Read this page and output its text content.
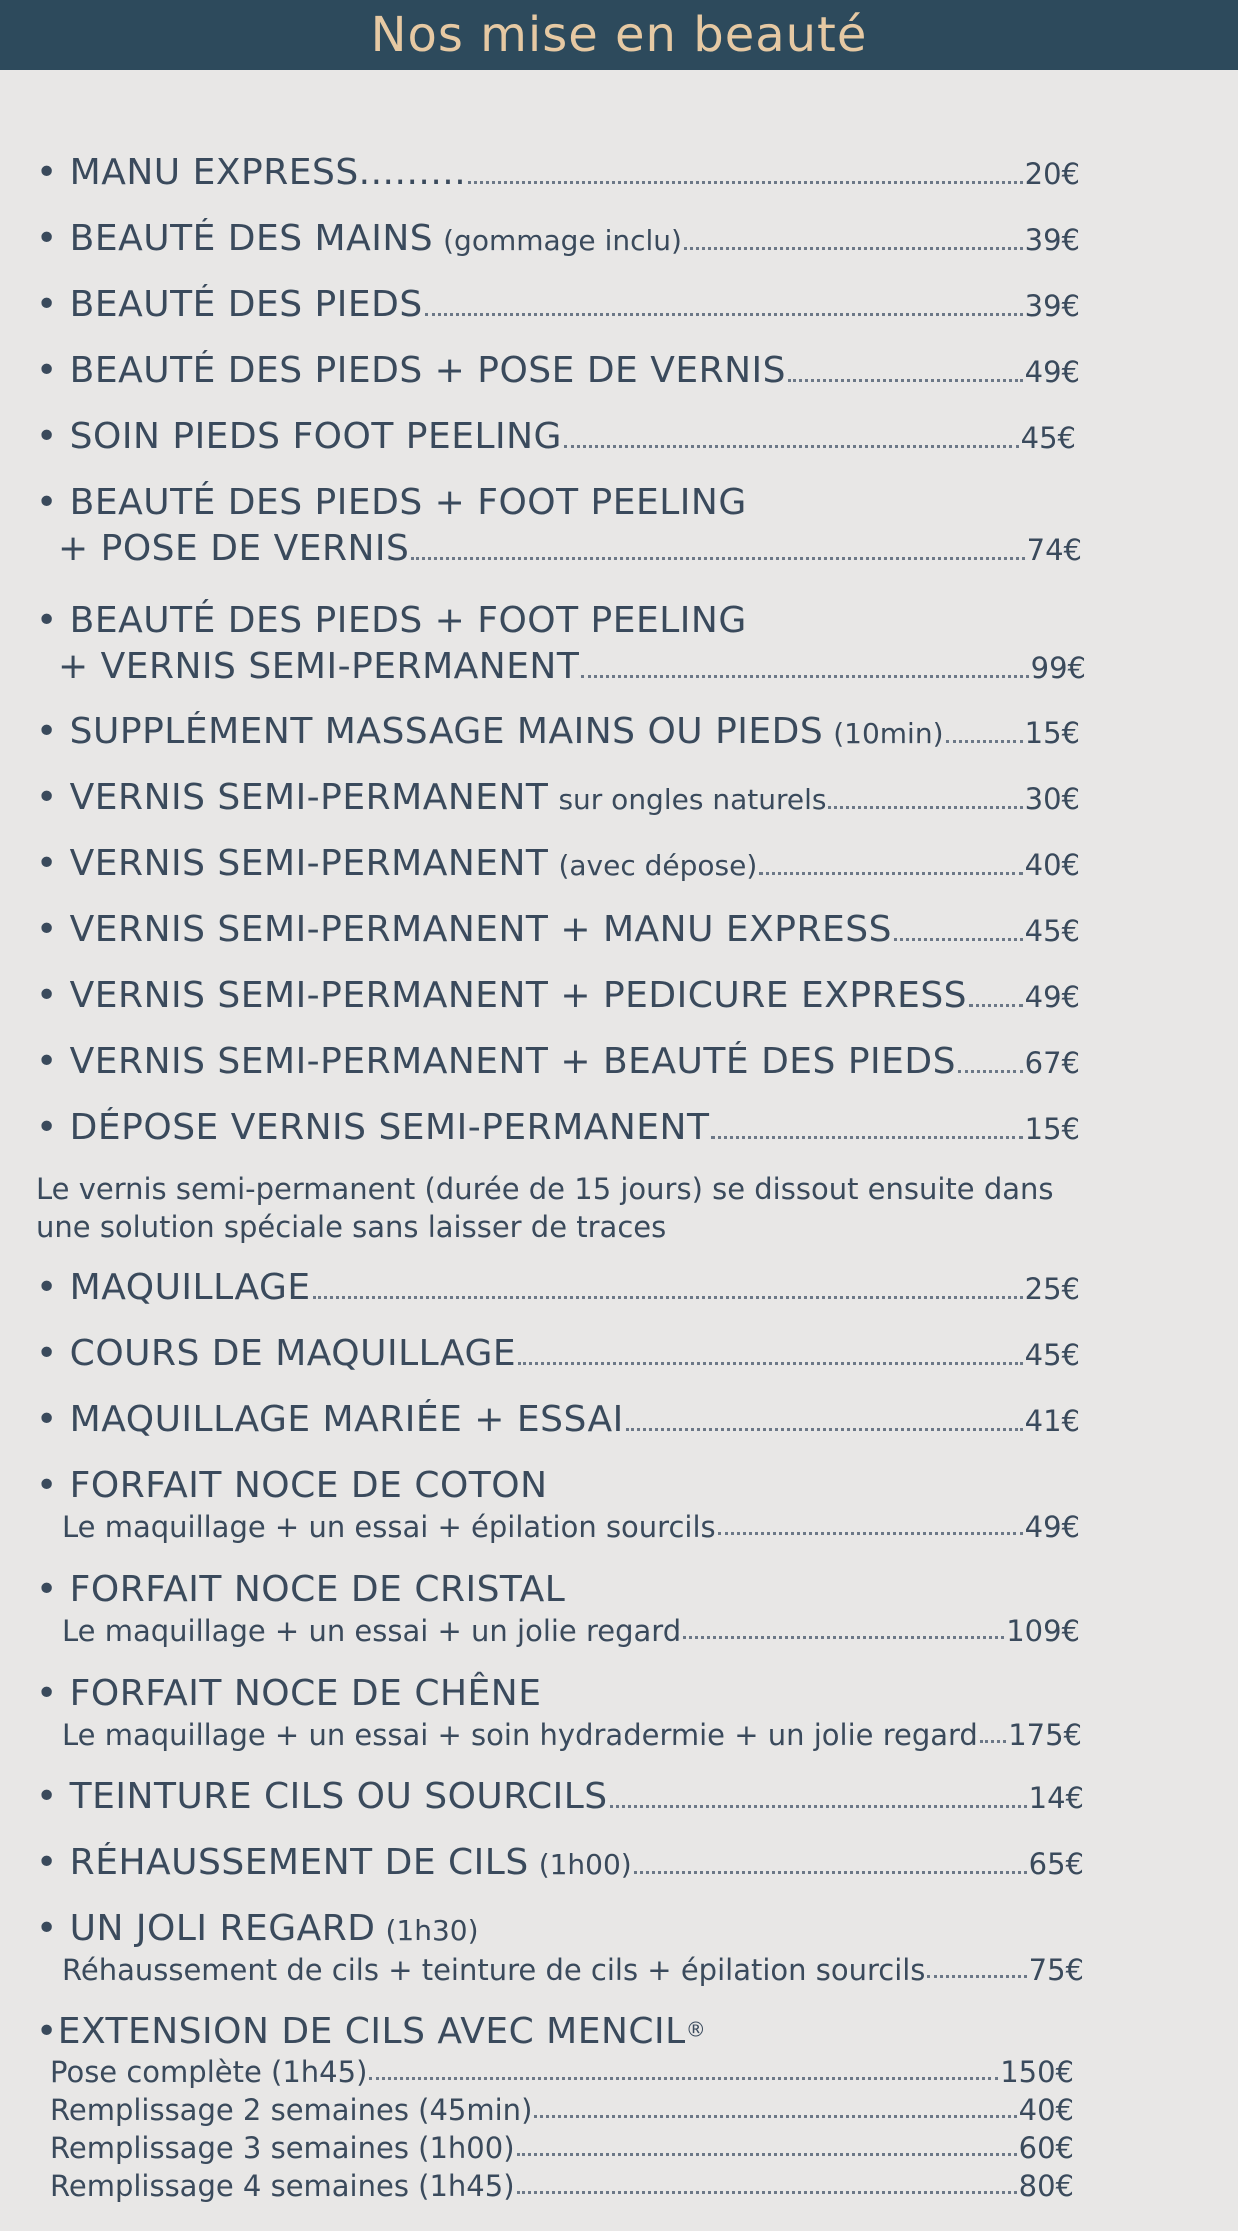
Nos mise en beauté
• MANU EXPRESS.........	20€
• BEAUTÉ DES MAINS (gommage inclu)	39€
• BEAUTÉ DES PIEDS	39€
• BEAUTÉ DES PIEDS + POSE DE VERNIS	49€
• SOIN PIEDS FOOT PEELING	45€
• BEAUTÉ DES PIEDS + FOOT PEELING
+ POSE DE VERNIS	74€
• BEAUTÉ DES PIEDS + FOOT PEELING
+ VERNIS SEMI-PERMANENT	99€
• SUPPLÉMENT MASSAGE MAINS OU PIEDS (10min)	15€
• VERNIS SEMI-PERMANENT sur ongles naturels	30€
• VERNIS SEMI-PERMANENT (avec dépose)	40€
• VERNIS SEMI-PERMANENT + MANU EXPRESS	45€
• VERNIS SEMI-PERMANENT + PEDICURE EXPRESS 49€
• VERNIS SEMI-PERMANENT + BEAUTÉ DES PIEDS 67€
• DÉPOSE VERNIS SEMI-PERMANENT	15€
Le vernis semi-permanent (durée de 15 jours) se dissout ensuite dans
une solution spéciale sans laisser de traces
• MAQUILLAGE	25€
• COURS DE MAQUILLAGE	45€
• MAQUILLAGE MARIÉE + ESSAI	41€
• FORFAIT NOCE DE COTON
Le maquillage + un essai + épilation sourcils	49€
• FORFAIT NOCE DE CRISTAL
Le maquillage + un essai + un jolie regard	109€
• FORFAIT NOCE DE CHÊNE
Le maquillage + un essai + soin hydradermie + un jolie regard 175€
• TEINTURE CILS OU SOURCILS	14€
• RÉHAUSSEMENT DE CILS (1h00)	65€
• UN JOLI REGARD (1h30)
Réhaussement de cils + teinture de cils + épilation sourcils	75€
•EXTENSION DE CILS AVEC MENCIL®
Pose complète (1h45)	150€
Remplissage 2 semaines (45min)	40€
Remplissage 3 semaines (1h00)	60€
Remplissage 4 semaines (1h45)	80€
